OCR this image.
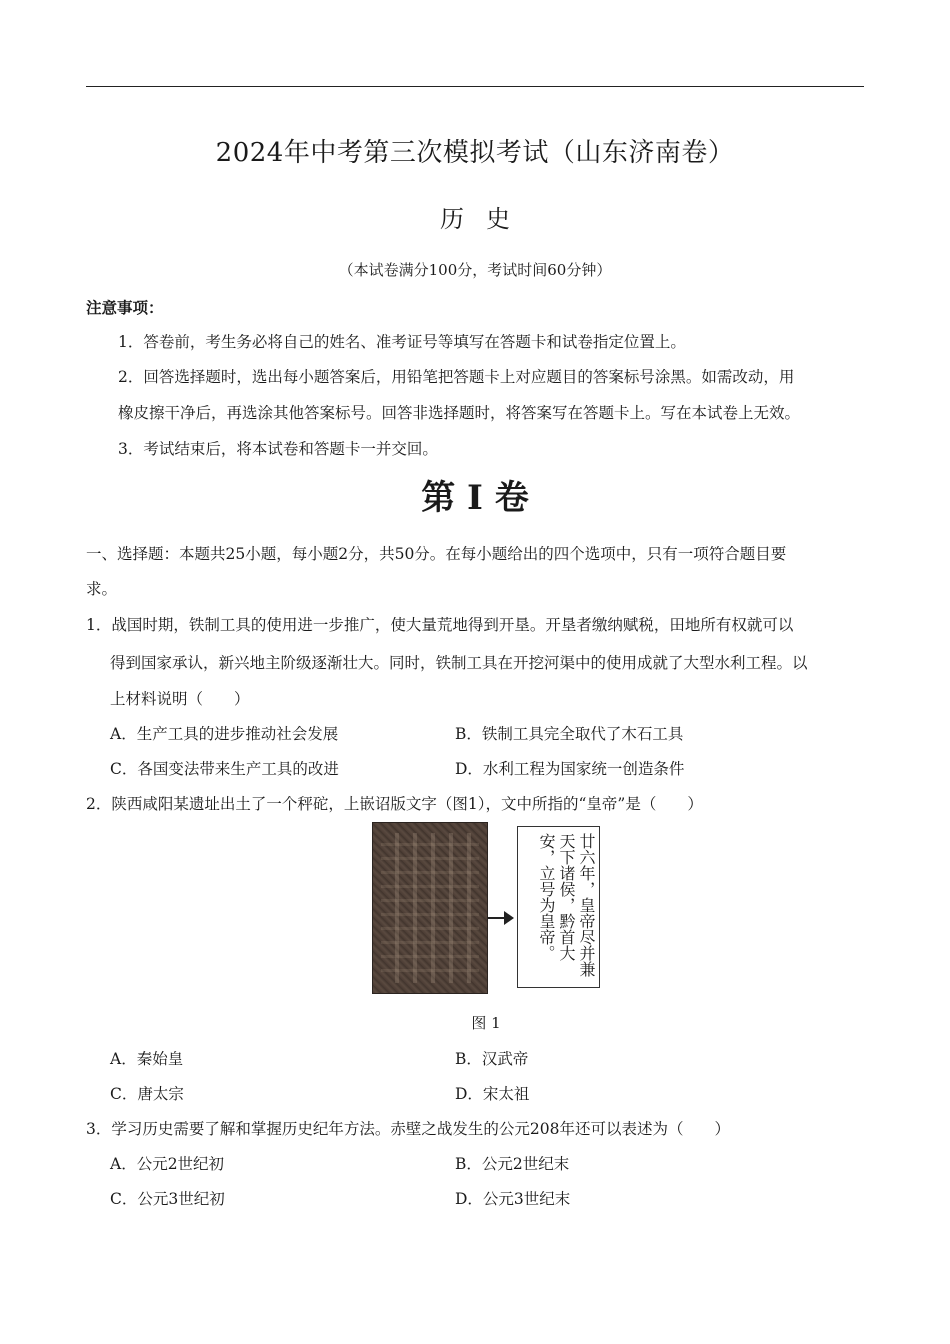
2024年中考第三次模拟考试（山东济南卷）
历史
（本试卷满分100分，考试时间60分钟）
注意事项：
1．答卷前，考生务必将自己的姓名、准考证号等填写在答题卡和试卷指定位置上。
2．回答选择题时，选出每小题答案后，用铅笔把答题卡上对应题目的答案标号涂黑。如需改动，用
橡皮擦干净后，再选涂其他答案标号。回答非选择题时，将答案写在答题卡上。写在本试卷上无效。
3．考试结束后，将本试卷和答题卡一并交回。
第 I 卷
一、选择题：本题共25小题，每小题2分，共50分。在每小题给出的四个选项中，只有一项符合题目要
求。
1．战国时期，铁制工具的使用进一步推广，使大量荒地得到开垦。开垦者缴纳赋税，田地所有权就可以
得到国家承认，新兴地主阶级逐渐壮大。同时，铁制工具在开挖河渠中的使用成就了大型水利工程。以
上材料说明（　　）
A．生产工具的进步推动社会发展	B．铁制工具完全取代了木石工具
C．各国变法带来生产工具的改进	D．水利工程为国家统一创造条件
2．陕西咸阳某遗址出土了一个秤砣，上嵌诏版文字（图1），文中所指的“皇帝”是（　　）
廿六年，皇帝尽并兼天下诸侯，黔首大安，立号为皇帝。
图 1
A．秦始皇	B．汉武帝
C．唐太宗	D．宋太祖
3．学习历史需要了解和掌握历史纪年方法。赤壁之战发生的公元208年还可以表述为（　　）
A．公元2世纪初	B．公元2世纪末
C．公元3世纪初	D．公元3世纪末
